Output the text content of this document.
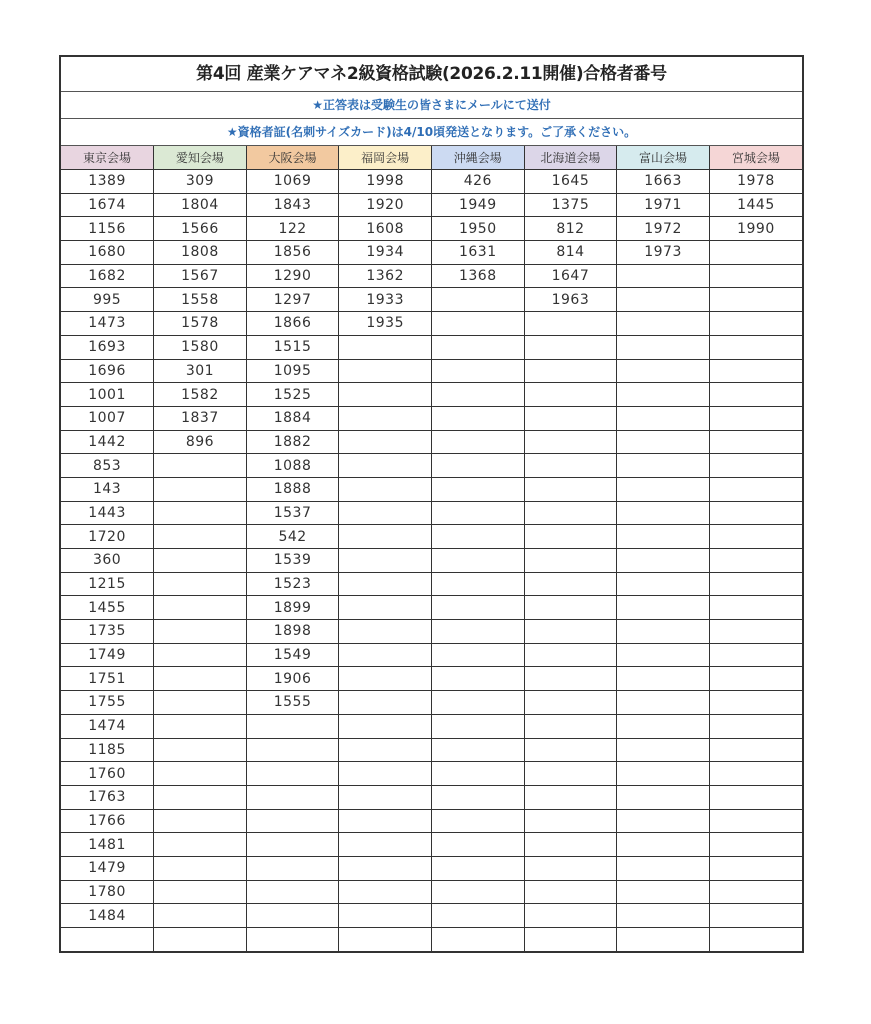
第4回 産業ケアマネ2級資格試験(2026.2.11開催)合格者番号
★正答表は受験生の皆さまにメールにて送付
★資格者証(名刺サイズカード)は4/10頃発送となります。ご了承ください。
東京会場	愛知会場	大阪会場	福岡会場	沖縄会場	北海道会場	富山会場	宮城会場
1389	309	1069	1998	426	1645	1663	1978
1674	1804	1843	1920	1949	1375	1971	1445
1156	1566	122	1608	1950	812	1972	1990
1680	1808	1856	1934	1631	814	1973	
1682	1567	1290	1362	1368	1647		
995	1558	1297	1933		1963		
1473	1578	1866	1935				
1693	1580	1515					
1696	301	1095					
1001	1582	1525					
1007	1837	1884					
1442	896	1882					
853		1088					
143		1888					
1443		1537					
1720		542					
360		1539					
1215		1523					
1455		1899					
1735		1898					
1749		1549					
1751		1906					
1755		1555					
1474							
1185							
1760							
1763							
1766							
1481							
1479							
1780							
1484							
